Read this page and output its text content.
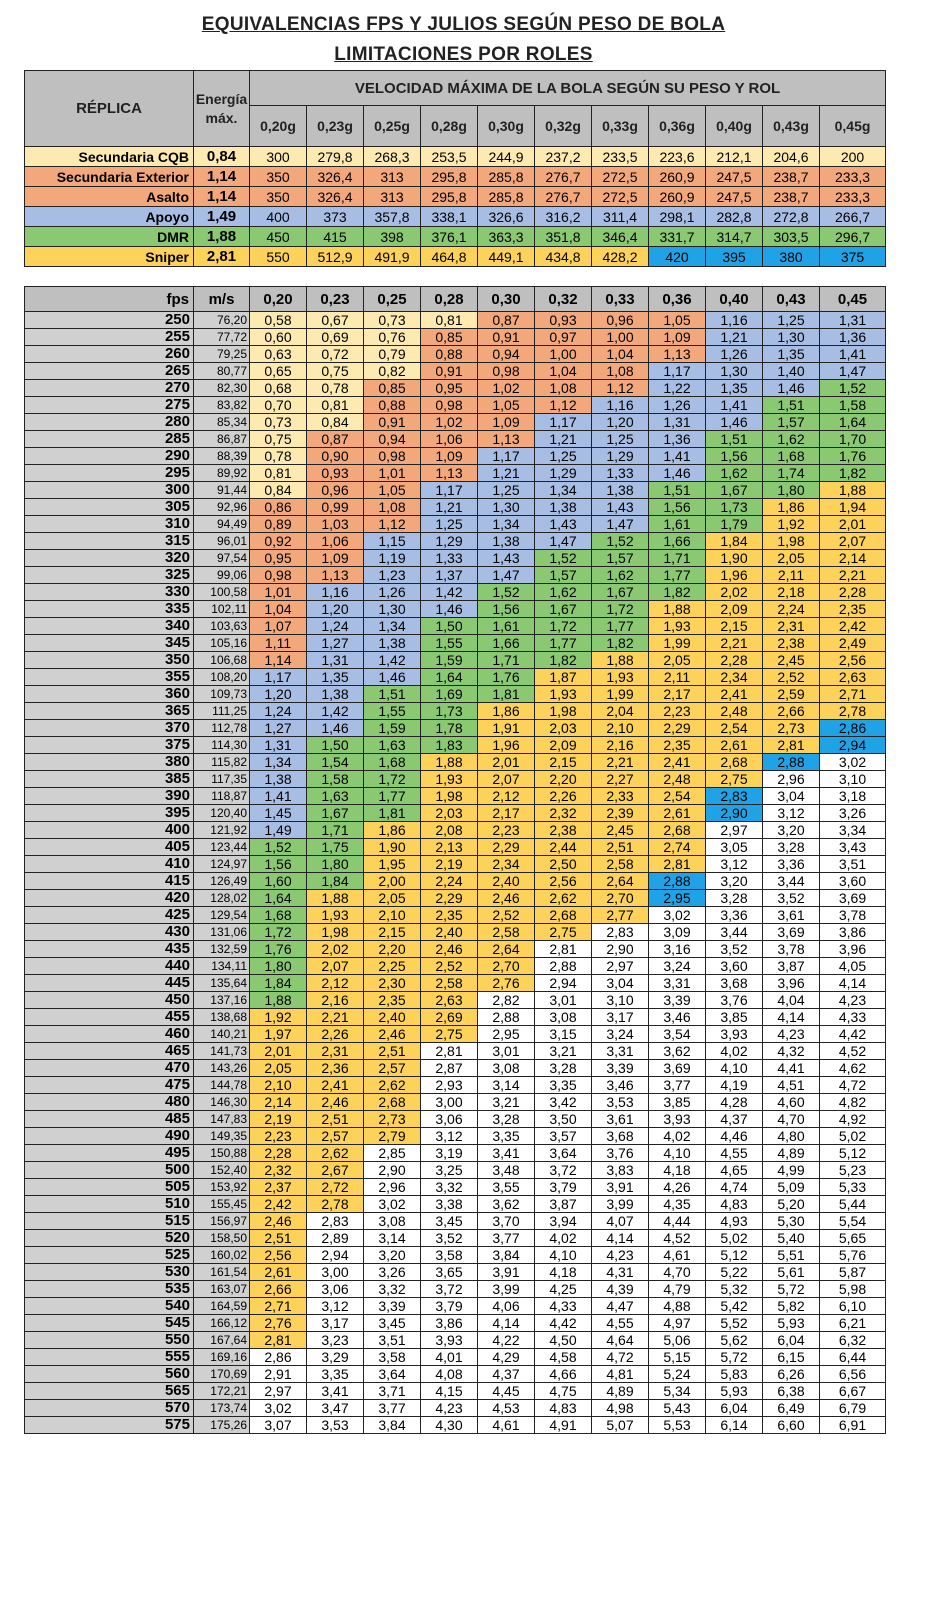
EQUIVALENCIAS FPS Y JULIOS SEGÚN PESO DE BOLA
LIMITACIONES POR ROLES
RÉPLICA	Energía máx.	VELOCIDAD MÁXIMA DE LA BOLA SEGÚN SU PESO Y ROL										
		0,20g	0,23g	0,25g	0,28g	0,30g	0,32g	0,33g	0,36g	0,40g	0,43g	0,45g
Secundaria CQB	0,84	300	279,8	268,3	253,5	244,9	237,2	233,5	223,6	212,1	204,6	200
Secundaria Exterior	1,14	350	326,4	313	295,8	285,8	276,7	272,5	260,9	247,5	238,7	233,3
Asalto	1,14	350	326,4	313	295,8	285,8	276,7	272,5	260,9	247,5	238,7	233,3
Apoyo	1,49	400	373	357,8	338,1	326,6	316,2	311,4	298,1	282,8	272,8	266,7
DMR	1,88	450	415	398	376,1	363,3	351,8	346,4	331,7	314,7	303,5	296,7
Sniper	2,81	550	512,9	491,9	464,8	449,1	434,8	428,2	420	395	380	375
fps	m/s	0,20	0,23	0,25	0,28	0,30	0,32	0,33	0,36	0,40	0,43	0,45
250	76,20	0,58	0,67	0,73	0,81	0,87	0,93	0,96	1,05	1,16	1,25	1,31
255	77,72	0,60	0,69	0,76	0,85	0,91	0,97	1,00	1,09	1,21	1,30	1,36
260	79,25	0,63	0,72	0,79	0,88	0,94	1,00	1,04	1,13	1,26	1,35	1,41
265	80,77	0,65	0,75	0,82	0,91	0,98	1,04	1,08	1,17	1,30	1,40	1,47
270	82,30	0,68	0,78	0,85	0,95	1,02	1,08	1,12	1,22	1,35	1,46	1,52
275	83,82	0,70	0,81	0,88	0,98	1,05	1,12	1,16	1,26	1,41	1,51	1,58
280	85,34	0,73	0,84	0,91	1,02	1,09	1,17	1,20	1,31	1,46	1,57	1,64
285	86,87	0,75	0,87	0,94	1,06	1,13	1,21	1,25	1,36	1,51	1,62	1,70
290	88,39	0,78	0,90	0,98	1,09	1,17	1,25	1,29	1,41	1,56	1,68	1,76
295	89,92	0,81	0,93	1,01	1,13	1,21	1,29	1,33	1,46	1,62	1,74	1,82
300	91,44	0,84	0,96	1,05	1,17	1,25	1,34	1,38	1,51	1,67	1,80	1,88
305	92,96	0,86	0,99	1,08	1,21	1,30	1,38	1,43	1,56	1,73	1,86	1,94
310	94,49	0,89	1,03	1,12	1,25	1,34	1,43	1,47	1,61	1,79	1,92	2,01
315	96,01	0,92	1,06	1,15	1,29	1,38	1,47	1,52	1,66	1,84	1,98	2,07
320	97,54	0,95	1,09	1,19	1,33	1,43	1,52	1,57	1,71	1,90	2,05	2,14
325	99,06	0,98	1,13	1,23	1,37	1,47	1,57	1,62	1,77	1,96	2,11	2,21
330	100,58	1,01	1,16	1,26	1,42	1,52	1,62	1,67	1,82	2,02	2,18	2,28
335	102,11	1,04	1,20	1,30	1,46	1,56	1,67	1,72	1,88	2,09	2,24	2,35
340	103,63	1,07	1,24	1,34	1,50	1,61	1,72	1,77	1,93	2,15	2,31	2,42
345	105,16	1,11	1,27	1,38	1,55	1,66	1,77	1,82	1,99	2,21	2,38	2,49
350	106,68	1,14	1,31	1,42	1,59	1,71	1,82	1,88	2,05	2,28	2,45	2,56
355	108,20	1,17	1,35	1,46	1,64	1,76	1,87	1,93	2,11	2,34	2,52	2,63
360	109,73	1,20	1,38	1,51	1,69	1,81	1,93	1,99	2,17	2,41	2,59	2,71
365	111,25	1,24	1,42	1,55	1,73	1,86	1,98	2,04	2,23	2,48	2,66	2,78
370	112,78	1,27	1,46	1,59	1,78	1,91	2,03	2,10	2,29	2,54	2,73	2,86
375	114,30	1,31	1,50	1,63	1,83	1,96	2,09	2,16	2,35	2,61	2,81	2,94
380	115,82	1,34	1,54	1,68	1,88	2,01	2,15	2,21	2,41	2,68	2,88	3,02
385	117,35	1,38	1,58	1,72	1,93	2,07	2,20	2,27	2,48	2,75	2,96	3,10
390	118,87	1,41	1,63	1,77	1,98	2,12	2,26	2,33	2,54	2,83	3,04	3,18
395	120,40	1,45	1,67	1,81	2,03	2,17	2,32	2,39	2,61	2,90	3,12	3,26
400	121,92	1,49	1,71	1,86	2,08	2,23	2,38	2,45	2,68	2,97	3,20	3,34
405	123,44	1,52	1,75	1,90	2,13	2,29	2,44	2,51	2,74	3,05	3,28	3,43
410	124,97	1,56	1,80	1,95	2,19	2,34	2,50	2,58	2,81	3,12	3,36	3,51
415	126,49	1,60	1,84	2,00	2,24	2,40	2,56	2,64	2,88	3,20	3,44	3,60
420	128,02	1,64	1,88	2,05	2,29	2,46	2,62	2,70	2,95	3,28	3,52	3,69
425	129,54	1,68	1,93	2,10	2,35	2,52	2,68	2,77	3,02	3,36	3,61	3,78
430	131,06	1,72	1,98	2,15	2,40	2,58	2,75	2,83	3,09	3,44	3,69	3,86
435	132,59	1,76	2,02	2,20	2,46	2,64	2,81	2,90	3,16	3,52	3,78	3,96
440	134,11	1,80	2,07	2,25	2,52	2,70	2,88	2,97	3,24	3,60	3,87	4,05
445	135,64	1,84	2,12	2,30	2,58	2,76	2,94	3,04	3,31	3,68	3,96	4,14
450	137,16	1,88	2,16	2,35	2,63	2,82	3,01	3,10	3,39	3,76	4,04	4,23
455	138,68	1,92	2,21	2,40	2,69	2,88	3,08	3,17	3,46	3,85	4,14	4,33
460	140,21	1,97	2,26	2,46	2,75	2,95	3,15	3,24	3,54	3,93	4,23	4,42
465	141,73	2,01	2,31	2,51	2,81	3,01	3,21	3,31	3,62	4,02	4,32	4,52
470	143,26	2,05	2,36	2,57	2,87	3,08	3,28	3,39	3,69	4,10	4,41	4,62
475	144,78	2,10	2,41	2,62	2,93	3,14	3,35	3,46	3,77	4,19	4,51	4,72
480	146,30	2,14	2,46	2,68	3,00	3,21	3,42	3,53	3,85	4,28	4,60	4,82
485	147,83	2,19	2,51	2,73	3,06	3,28	3,50	3,61	3,93	4,37	4,70	4,92
490	149,35	2,23	2,57	2,79	3,12	3,35	3,57	3,68	4,02	4,46	4,80	5,02
495	150,88	2,28	2,62	2,85	3,19	3,41	3,64	3,76	4,10	4,55	4,89	5,12
500	152,40	2,32	2,67	2,90	3,25	3,48	3,72	3,83	4,18	4,65	4,99	5,23
505	153,92	2,37	2,72	2,96	3,32	3,55	3,79	3,91	4,26	4,74	5,09	5,33
510	155,45	2,42	2,78	3,02	3,38	3,62	3,87	3,99	4,35	4,83	5,20	5,44
515	156,97	2,46	2,83	3,08	3,45	3,70	3,94	4,07	4,44	4,93	5,30	5,54
520	158,50	2,51	2,89	3,14	3,52	3,77	4,02	4,14	4,52	5,02	5,40	5,65
525	160,02	2,56	2,94	3,20	3,58	3,84	4,10	4,23	4,61	5,12	5,51	5,76
530	161,54	2,61	3,00	3,26	3,65	3,91	4,18	4,31	4,70	5,22	5,61	5,87
535	163,07	2,66	3,06	3,32	3,72	3,99	4,25	4,39	4,79	5,32	5,72	5,98
540	164,59	2,71	3,12	3,39	3,79	4,06	4,33	4,47	4,88	5,42	5,82	6,10
545	166,12	2,76	3,17	3,45	3,86	4,14	4,42	4,55	4,97	5,52	5,93	6,21
550	167,64	2,81	3,23	3,51	3,93	4,22	4,50	4,64	5,06	5,62	6,04	6,32
555	169,16	2,86	3,29	3,58	4,01	4,29	4,58	4,72	5,15	5,72	6,15	6,44
560	170,69	2,91	3,35	3,64	4,08	4,37	4,66	4,81	5,24	5,83	6,26	6,56
565	172,21	2,97	3,41	3,71	4,15	4,45	4,75	4,89	5,34	5,93	6,38	6,67
570	173,74	3,02	3,47	3,77	4,23	4,53	4,83	4,98	5,43	6,04	6,49	6,79
575	175,26	3,07	3,53	3,84	4,30	4,61	4,91	5,07	5,53	6,14	6,60	6,91
